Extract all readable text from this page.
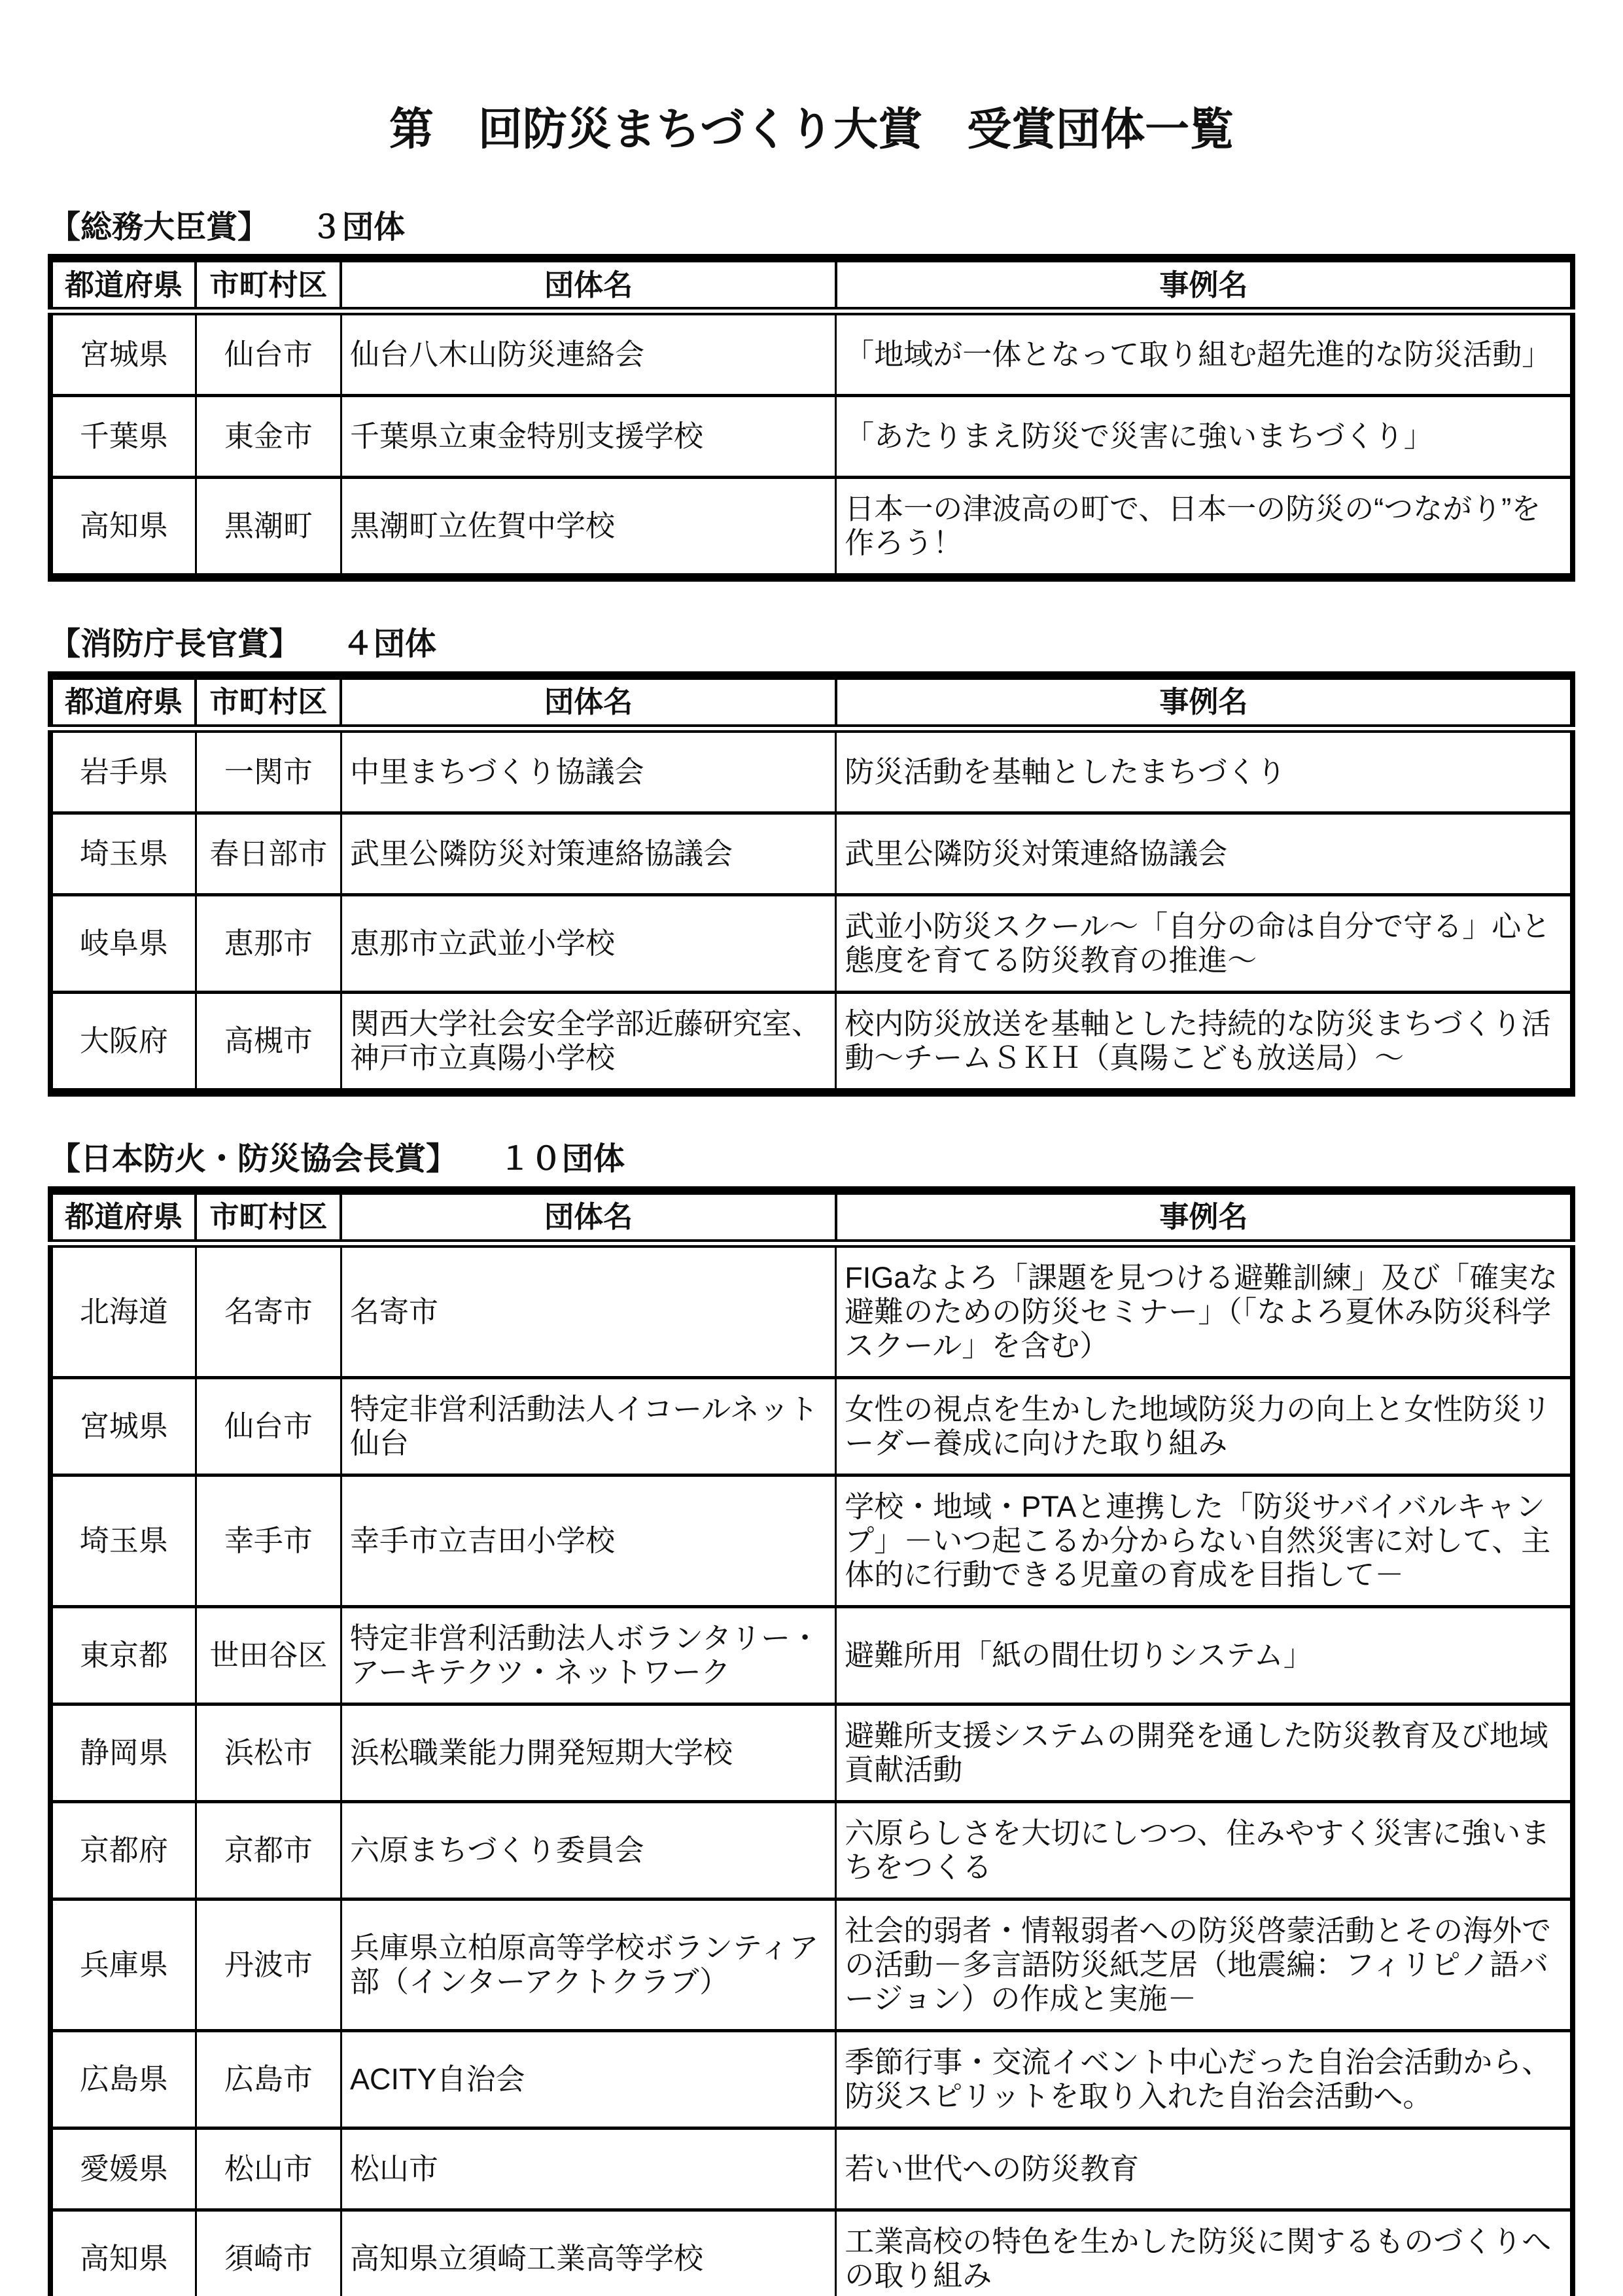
第　回防災まちづくり大賞　受賞団体一覧
【総務大臣賞】 ３団体
都道府県	市町村区	団体名	事例名
宮城県	仙台市	仙台八木山防災連絡会	「地域が一体となって取り組む超先進的な防災活動」
千葉県	東金市	千葉県立東金特別支援学校	「あたりまえ防災で災害に強いまちづくり」
高知県	黒潮町	黒潮町立佐賀中学校	日本一の津波高の町で、日本一の防災の“つながり”を作ろう！
【消防庁長官賞】 ４団体
都道府県	市町村区	団体名	事例名
岩手県	一関市	中里まちづくり協議会	防災活動を基軸としたまちづくり
埼玉県	春日部市	武里公隣防災対策連絡協議会	武里公隣防災対策連絡協議会
岐阜県	恵那市	恵那市立武並小学校	武並小防災スクール～「自分の命は自分で守る」心と態度を育てる防災教育の推進～
大阪府	高槻市	関西大学社会安全学部近藤研究室、神戸市立真陽小学校	校内防災放送を基軸とした持続的な防災まちづくり活動～チームＳＫＨ（真陽こども放送局）～
【日本防火・防災協会長賞】 １０団体
都道府県	市町村区	団体名	事例名
北海道	名寄市	名寄市	FIGaなよろ「課題を見つける避難訓練」及び「確実な避難のための防災セミナー」（「なよろ夏休み防災科学スクール」を含む）
宮城県	仙台市	特定非営利活動法人イコールネット仙台	女性の視点を生かした地域防災力の向上と女性防災リーダー養成に向けた取り組み
埼玉県	幸手市	幸手市立吉田小学校	学校・地域・PTAと連携した「防災サバイバルキャンプ」－いつ起こるか分からない自然災害に対して、主体的に行動できる児童の育成を目指して－
東京都	世田谷区	特定非営利活動法人ボランタリー・アーキテクツ・ネットワーク	避難所用「紙の間仕切りシステム」
静岡県	浜松市	浜松職業能力開発短期大学校	避難所支援システムの開発を通した防災教育及び地域貢献活動
京都府	京都市	六原まちづくり委員会	六原らしさを大切にしつつ、住みやすく災害に強いまちをつくる
兵庫県	丹波市	兵庫県立柏原高等学校ボランティア部（インターアクトクラブ）	社会的弱者・情報弱者への防災啓蒙活動とその海外での活動－多言語防災紙芝居（地震編：フィリピノ語バージョン）の作成と実施－
広島県	広島市	ACITY自治会	季節行事・交流イベント中心だった自治会活動から、防災スピリットを取り入れた自治会活動へ。
愛媛県	松山市	松山市	若い世代への防災教育
高知県	須崎市	高知県立須崎工業高等学校	工業高校の特色を生かした防災に関するものづくりへの取り組み
